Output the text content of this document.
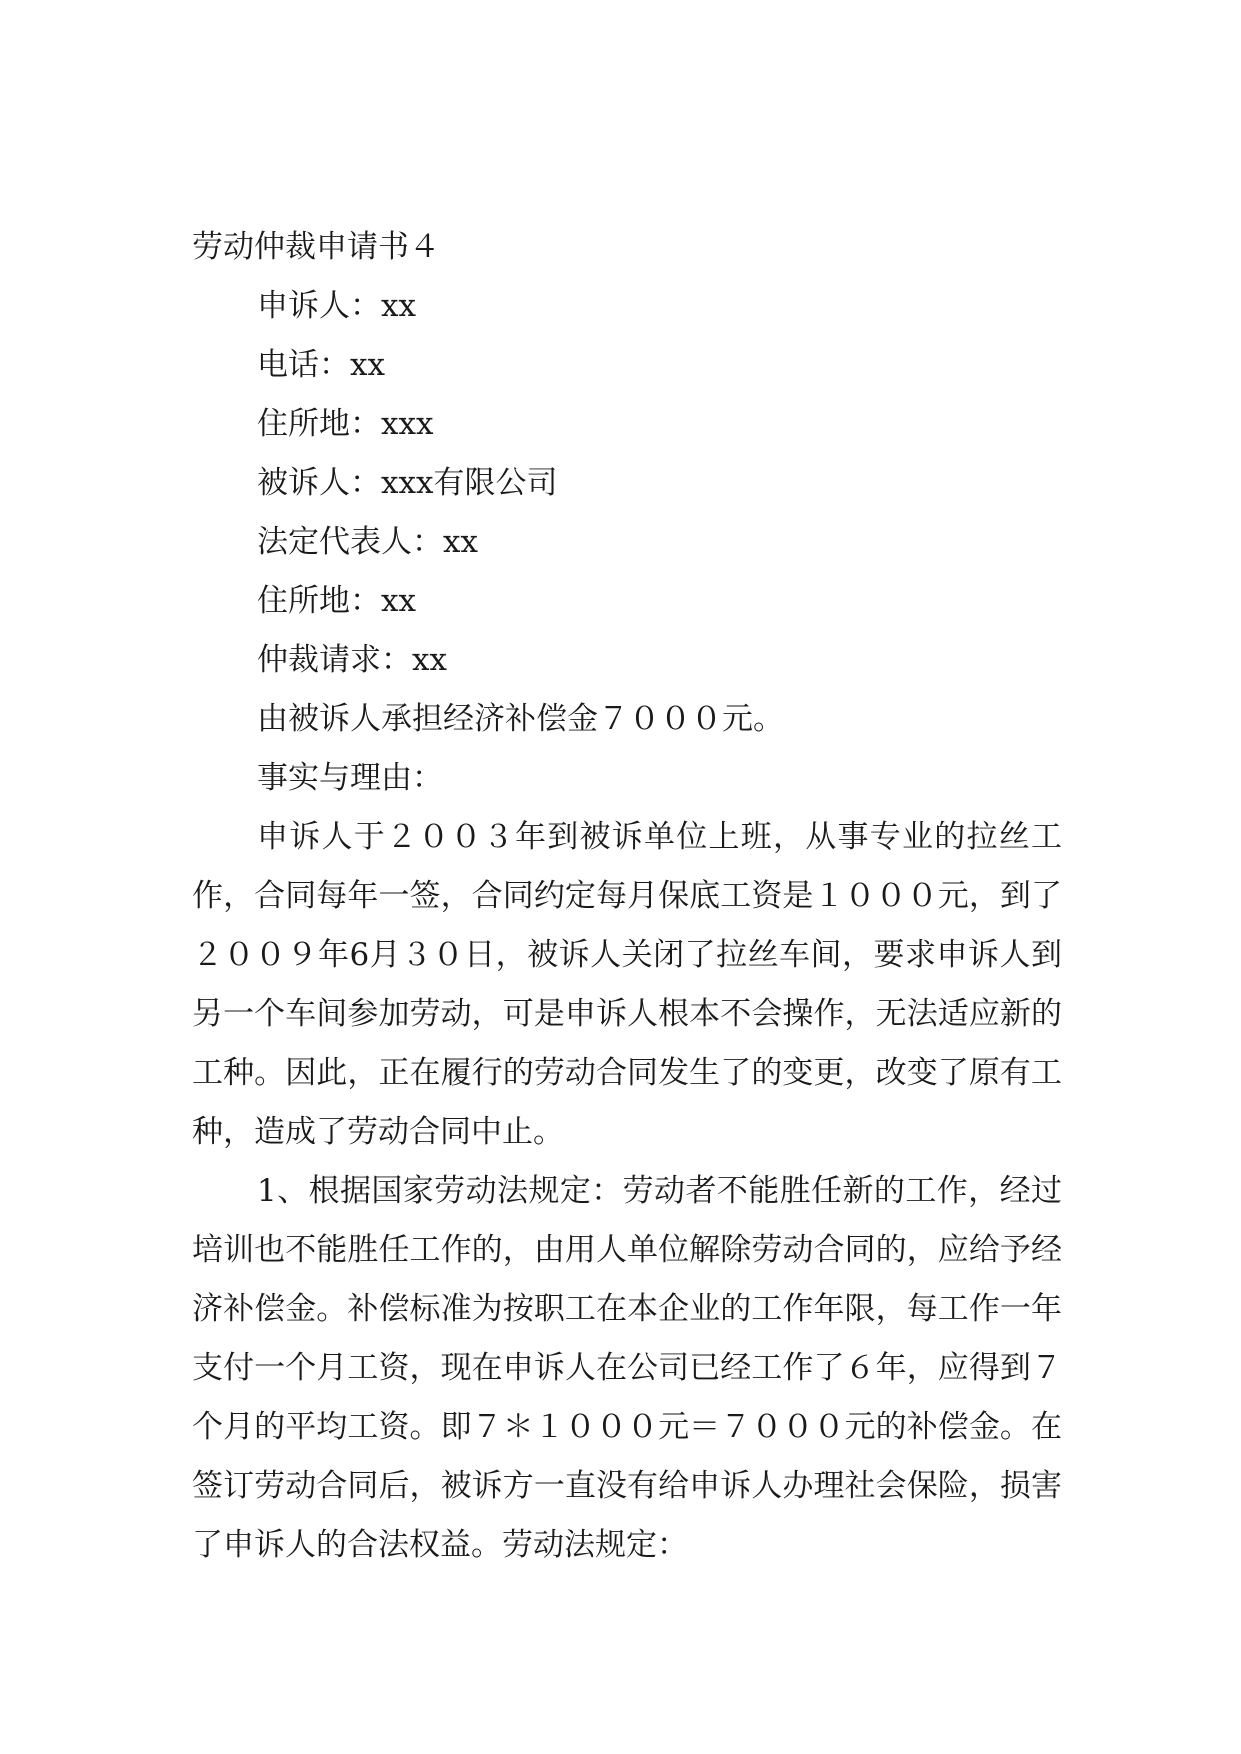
劳动仲裁申请书４

申诉人：xx

电话：xx

住所地：xxx

被诉人：xxx有限公司

法定代表人：xx

住所地：xx

仲裁请求：xx

由被诉人承担经济补偿金７０００元。

事实与理由：

申诉人于２００３年到被诉单位上班，从事专业的拉丝工作，合同每年一签，合同约定每月保底工资是１０００元，到了２００９年6月３０日，被诉人关闭了拉丝车间，要求申诉人到另一个车间参加劳动，可是申诉人根本不会操作，无法适应新的工种。因此，正在履行的劳动合同发生了的变更，改变了原有工种，造成了劳动合同中止。

1、根据国家劳动法规定：劳动者不能胜任新的工作，经过培训也不能胜任工作的，由用人单位解除劳动合同的，应给予经济补偿金。补偿标准为按职工在本企业的工作年限，每工作一年支付一个月工资，现在申诉人在公司已经工作了６年，应得到７个月的平均工资。即７＊１０００元＝７０００元的补偿金。在签订劳动合同后，被诉方一直没有给申诉人办理社会保险，损害了申诉人的合法权益。劳动法规定：
